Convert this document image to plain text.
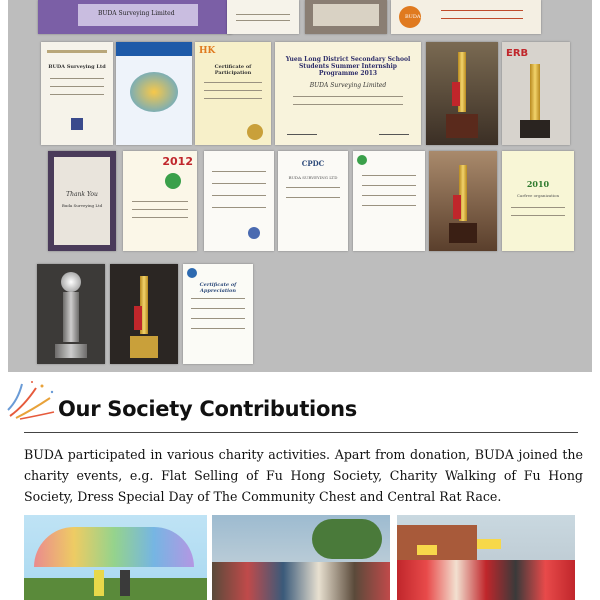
BUDA Surveying Limited	BUDA
BUDA Surveying Ltd
HK
Certificate of Participation
Yuen Long District Secondary School Students Summer Internship Programme 2013
BUDA Surveying Limited
ERB
Thank You
Buda Surveying Ltd
2012	CPDC
BUDA SURVEYING LTD
2010
Carfree organization
Certificate of Appreciation
Our Society Contributions
BUDA participated in various charity activities. Apart from donation, BUDA joined the charity events, e.g. Flat Selling of Fu Hong Society, Charity Walking of Fu Hong Society, Dress Special Day of The Community Chest and Central Rat Race.
